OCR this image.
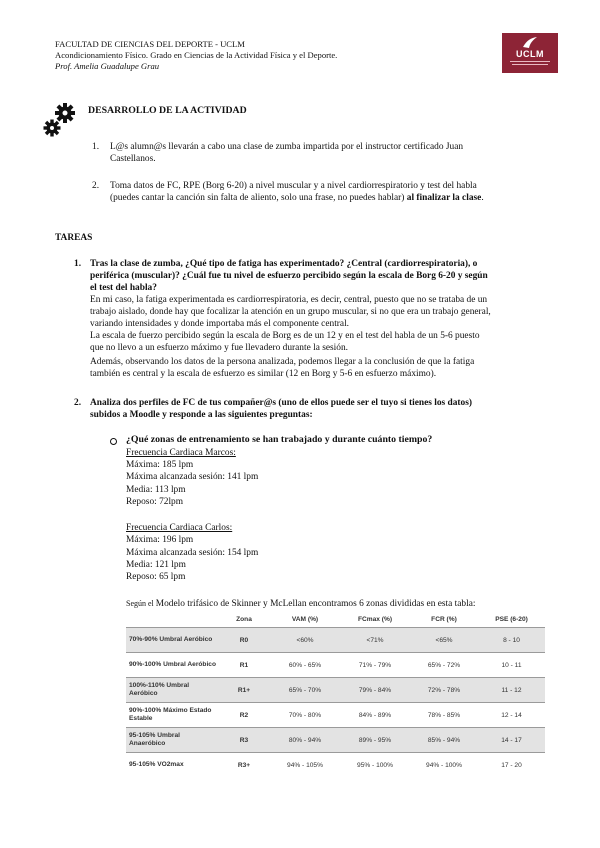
FACULTAD DE CIENCIAS DEL DEPORTE - UCLM
Acondicionamiento Físico. Grado en Ciencias de la Actividad Física y el Deporte.
Prof. Amelia Guadalupe Grau
UCLM
DESARROLLO DE LA ACTIVIDAD
1. L@s alumn@s llevarán a cabo una clase de zumba impartida por el instructor certificado Juan
Castellanos.
2. Toma datos de FC, RPE (Borg 6-20) a nivel muscular y a nivel cardiorrespiratorio y test del habla
(puedes cantar la canción sin falta de aliento, solo una frase, no puedes hablar) al finalizar la clase.
TAREAS
1. Tras la clase de zumba, ¿Qué tipo de fatiga has experimentado? ¿Central (cardiorrespiratoria), o
periférica (muscular)? ¿Cuál fue tu nivel de esfuerzo percibido según la escala de Borg 6-20 y según
el test del habla?
En mi caso, la fatiga experimentada es cardiorrespiratoria, es decir, central, puesto que no se trataba de un
trabajo aislado, donde hay que focalizar la atención en un grupo muscular, si no que era un trabajo general,
variando intensidades y donde importaba más el componente central.
La escala de fuerzo percibido según la escala de Borg es de un 12 y en el test del habla de un 5-6 puesto
que no llevo a un esfuerzo máximo y fue llevadero durante la sesión.
Además, observando los datos de la persona analizada, podemos llegar a la conclusión de que la fatiga
también es central y la escala de esfuerzo es similar (12 en Borg y 5-6 en esfuerzo máximo).
2. Analiza dos perfiles de FC de tus compañer@s (uno de ellos puede ser el tuyo si tienes los datos)
subidos a Moodle y responde a las siguientes preguntas:
¿Qué zonas de entrenamiento se han trabajado y durante cuánto tiempo?
Frecuencia Cardiaca Marcos:
Máxima: 185 lpm
Máxima alcanzada sesión: 141 lpm
Media: 113 lpm
Reposo: 72lpm
Frecuencia Cardiaca Carlos:
Máxima: 196 lpm
Máxima alcanzada sesión: 154 lpm
Media: 121 lpm
Reposo: 65 lpm
Según el Modelo trifásico de Skinner y McLellan encontramos 6 zonas divididas en esta tabla:
	Zona	VAM (%)	FCmax (%)	FCR (%)	PSE (6-20)
70%-90% Umbral Aeróbico	R0	<60%	<71%	<65%	8 - 10
90%-100% Umbral Aeróbico	R1	60% - 65%	71% - 79%	65% - 72%	10 - 11
100%-110% Umbral Aeróbico	R1+	65% - 70%	79% - 84%	72% - 78%	11 - 12
90%-100% Máximo Estado Estable	R2	70% - 80%	84% - 89%	78% - 85%	12 - 14
95-105% Umbral Anaeróbico	R3	80% - 94%	89% - 95%	85% - 94%	14 - 17
95-105% VO2max	R3+	94% - 105%	95% - 100%	94% - 100%	17 - 20
